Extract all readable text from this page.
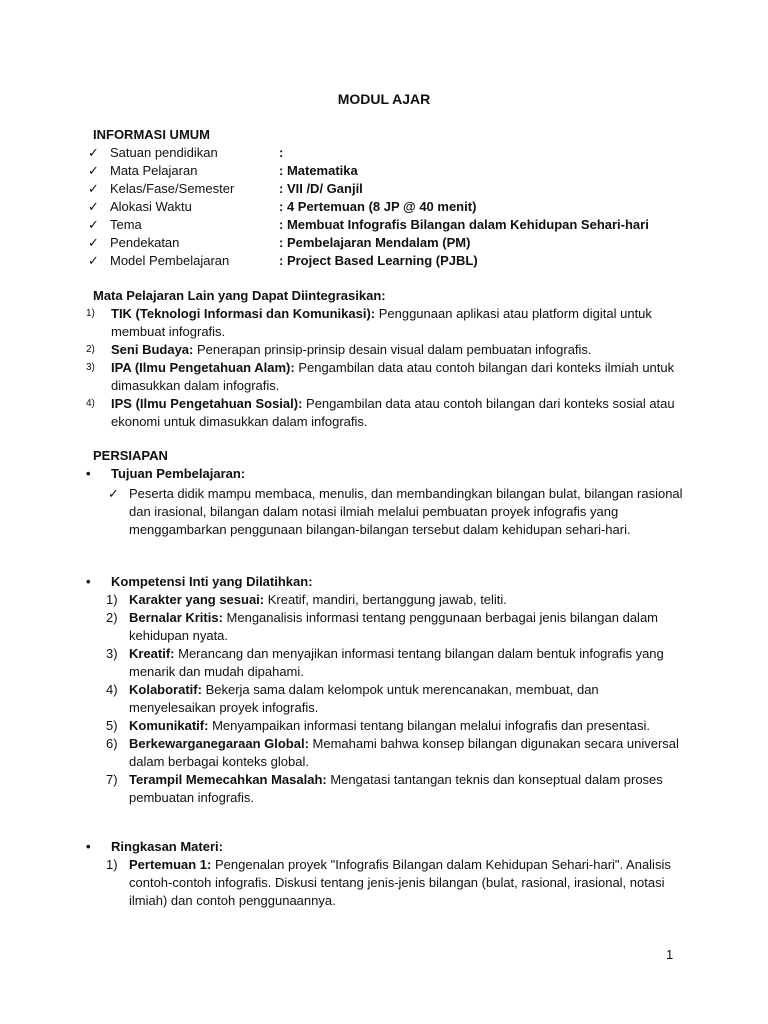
MODUL AJAR
INFORMASI UMUM
✓ Satuan pendidikan	:
✓ Mata Pelajaran	: Matematika
✓ Kelas/Fase/Semester	: VII /D/ Ganjil
✓ Alokasi Waktu	: 4 Pertemuan (8 JP @ 40 menit)
✓ Tema	: Membuat Infografis Bilangan dalam Kehidupan Sehari-hari
✓ Pendekatan	: Pembelajaran Mendalam (PM)
✓ Model Pembelajaran	: Project Based Learning (PJBL)
Mata Pelajaran Lain yang Dapat Diintegrasikan:
1) TIK (Teknologi Informasi dan Komunikasi): Penggunaan aplikasi atau platform digital untuk membuat infografis.
2) Seni Budaya: Penerapan prinsip-prinsip desain visual dalam pembuatan infografis.
3) IPA (Ilmu Pengetahuan Alam): Pengambilan data atau contoh bilangan dari konteks ilmiah untuk dimasukkan dalam infografis.
4) IPS (Ilmu Pengetahuan Sosial): Pengambilan data atau contoh bilangan dari konteks sosial atau ekonomi untuk dimasukkan dalam infografis.
PERSIAPAN
• Tujuan Pembelajaran:
✓ Peserta didik mampu membaca, menulis, dan membandingkan bilangan bulat, bilangan rasional dan irasional, bilangan dalam notasi ilmiah melalui pembuatan proyek infografis yang menggambarkan penggunaan bilangan-bilangan tersebut dalam kehidupan sehari-hari.
• Kompetensi Inti yang Dilatihkan:
1) Karakter yang sesuai: Kreatif, mandiri, bertanggung jawab, teliti.
2) Bernalar Kritis: Menganalisis informasi tentang penggunaan berbagai jenis bilangan dalam kehidupan nyata.
3) Kreatif: Merancang dan menyajikan informasi tentang bilangan dalam bentuk infografis yang menarik dan mudah dipahami.
4) Kolaboratif: Bekerja sama dalam kelompok untuk merencanakan, membuat, dan menyelesaikan proyek infografis.
5) Komunikatif: Menyampaikan informasi tentang bilangan melalui infografis dan presentasi.
6) Berkewarganegaraan Global: Memahami bahwa konsep bilangan digunakan secara universal dalam berbagai konteks global.
7) Terampil Memecahkan Masalah: Mengatasi tantangan teknis dan konseptual dalam proses pembuatan infografis.
• Ringkasan Materi:
1) Pertemuan 1: Pengenalan proyek "Infografis Bilangan dalam Kehidupan Sehari-hari". Analisis contoh-contoh infografis. Diskusi tentang jenis-jenis bilangan (bulat, rasional, irasional, notasi ilmiah) dan contoh penggunaannya.
1
